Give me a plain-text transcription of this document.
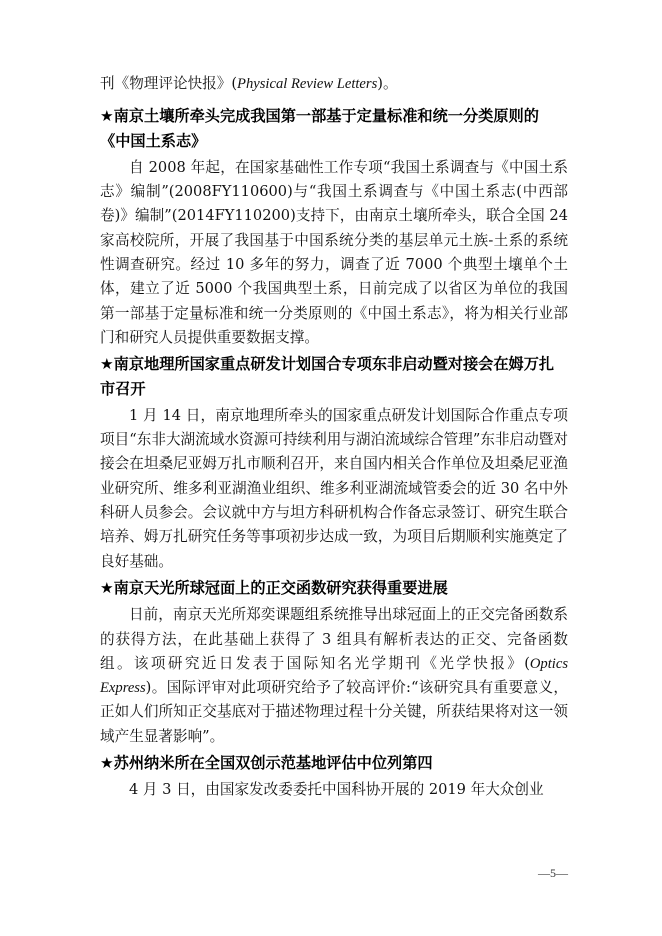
刊《物理评论快报》(Physical Review Letters)。

★南京土壤所牵头完成我国第一部基于定量标准和统一分类原则的《中国土系志》

自 2008 年起，在国家基础性工作专项“我国土系调查与《中国土系志》编制”(2008FY110600)与“我国土系调查与《中国土系志(中西部卷)》编制”(2014FY110200)支持下，由南京土壤所牵头，联合全国 24 家高校院所，开展了我国基于中国系统分类的基层单元土族-土系的系统性调查研究。经过 10 多年的努力，调查了近 7000 个典型土壤单个土体，建立了近 5000 个我国典型土系，日前完成了以省区为单位的我国第一部基于定量标准和统一分类原则的《中国土系志》，将为相关行业部门和研究人员提供重要数据支撑。

★南京地理所国家重点研发计划国合专项东非启动暨对接会在姆万扎市召开

1 月 14 日，南京地理所牵头的国家重点研发计划国际合作重点专项项目“东非大湖流域水资源可持续利用与湖泊流域综合管理”东非启动暨对接会在坦桑尼亚姆万扎市顺利召开，来自国内相关合作单位及坦桑尼亚渔业研究所、维多利亚湖渔业组织、维多利亚湖流域管委会的近 30 名中外科研人员参会。会议就中方与坦方科研机构合作备忘录签订、研究生联合培养、姆万扎研究任务等事项初步达成一致，为项目后期顺利实施奠定了良好基础。

★南京天光所球冠面上的正交函数研究获得重要进展

日前，南京天光所郑奕课题组系统推导出球冠面上的正交完备函数系的获得方法，在此基础上获得了 3 组具有解析表达的正交、完备函数组。该项研究近日发表于国际知名光学期刊《光学快报》(Optics Express)。国际评审对此项研究给予了较高评价:“该研究具有重要意义，正如人们所知正交基底对于描述物理过程十分关键，所获结果将对这一领域产生显著影响”。

★苏州纳米所在全国双创示范基地评估中位列第四

4 月 3 日，由国家发改委委托中国科协开展的 2019 年大众创业

—5—
